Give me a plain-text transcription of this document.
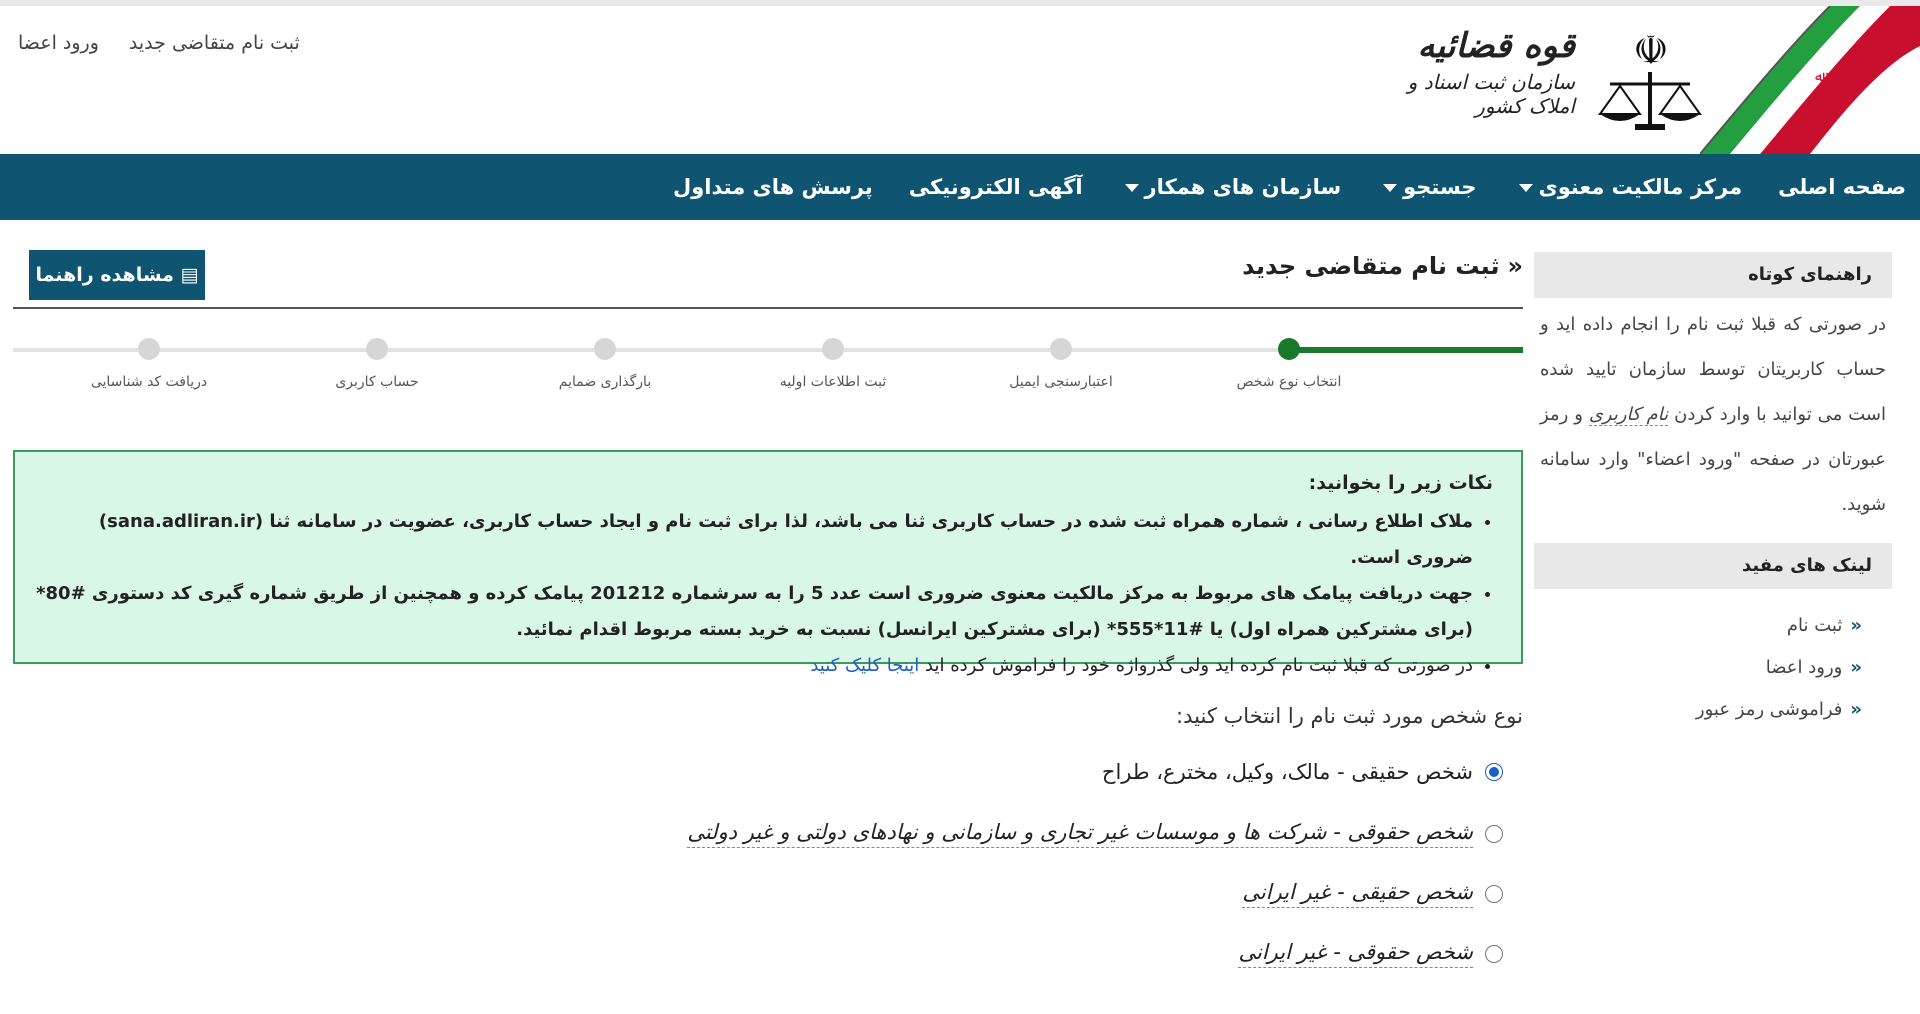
ثبت نام متقاضی جدید
ورود اعضا
ﷲ
☫
قوه قضائیه
سازمان ثبت اسناد و املاک کشور
صفحه اصلی
مرکز مالکیت معنوی
جستجو
سازمان های همکار
آگهی الکترونیکی
پرسش های متداول
راهنمای کوتاه
در صورتی که قبلا ثبت نام را انجام داده اید و حساب کاربریتان توسط سازمان تایید شده است می توانید با وارد کردن نام کاربری و رمز عبورتان در صفحه "ورود اعضاء" وارد سامانه شوید.
لینک های مفید
«ثبت نام
«ورود اعضا
«فراموشی رمز عبور
«ثبت نام متقاضی جدید
▤ مشاهده راهنما
انتخاب نوع شخص
اعتبارسنجی ایمیل
ثبت اطلاعات اولیه
بارگذاری ضمایم
حساب کاربری
دریافت کد شناسایی
نکات زیر را بخوانید:
• ملاک اطلاع رسانی ، شماره همراه ثبت شده در حساب کاربری ثنا می باشد، لذا برای ثبت نام و ایجاد حساب کاربری، عضویت در سامانه ثنا (sana.adliran.ir) ضروری است.
• جهت دریافت پیامک های مربوط به مرکز مالکیت معنوی ضروری است عدد 5 را به سرشماره 201212 پیامک کرده و همچنین از طریق شماره گیری کد دستوری #80* (برای مشترکین همراه اول) یا #11*555* (برای مشترکین ایرانسل) نسبت به خرید بسته مربوط اقدام نمائید.
• در صورتی که قبلا ثبت نام کرده اید ولی گذرواژه خود را فراموش کرده اید اینجا کلیک کنید
نوع شخص مورد ثبت نام را انتخاب کنید:
شخص حقیقی - مالک، وکیل، مخترع، طراح
شخص حقوقی - شرکت ها و موسسات غیر تجاری و سازمانی و نهادهای دولتی و غیر دولتی
شخص حقیقی - غیر ایرانی
شخص حقوقی - غیر ایرانی
